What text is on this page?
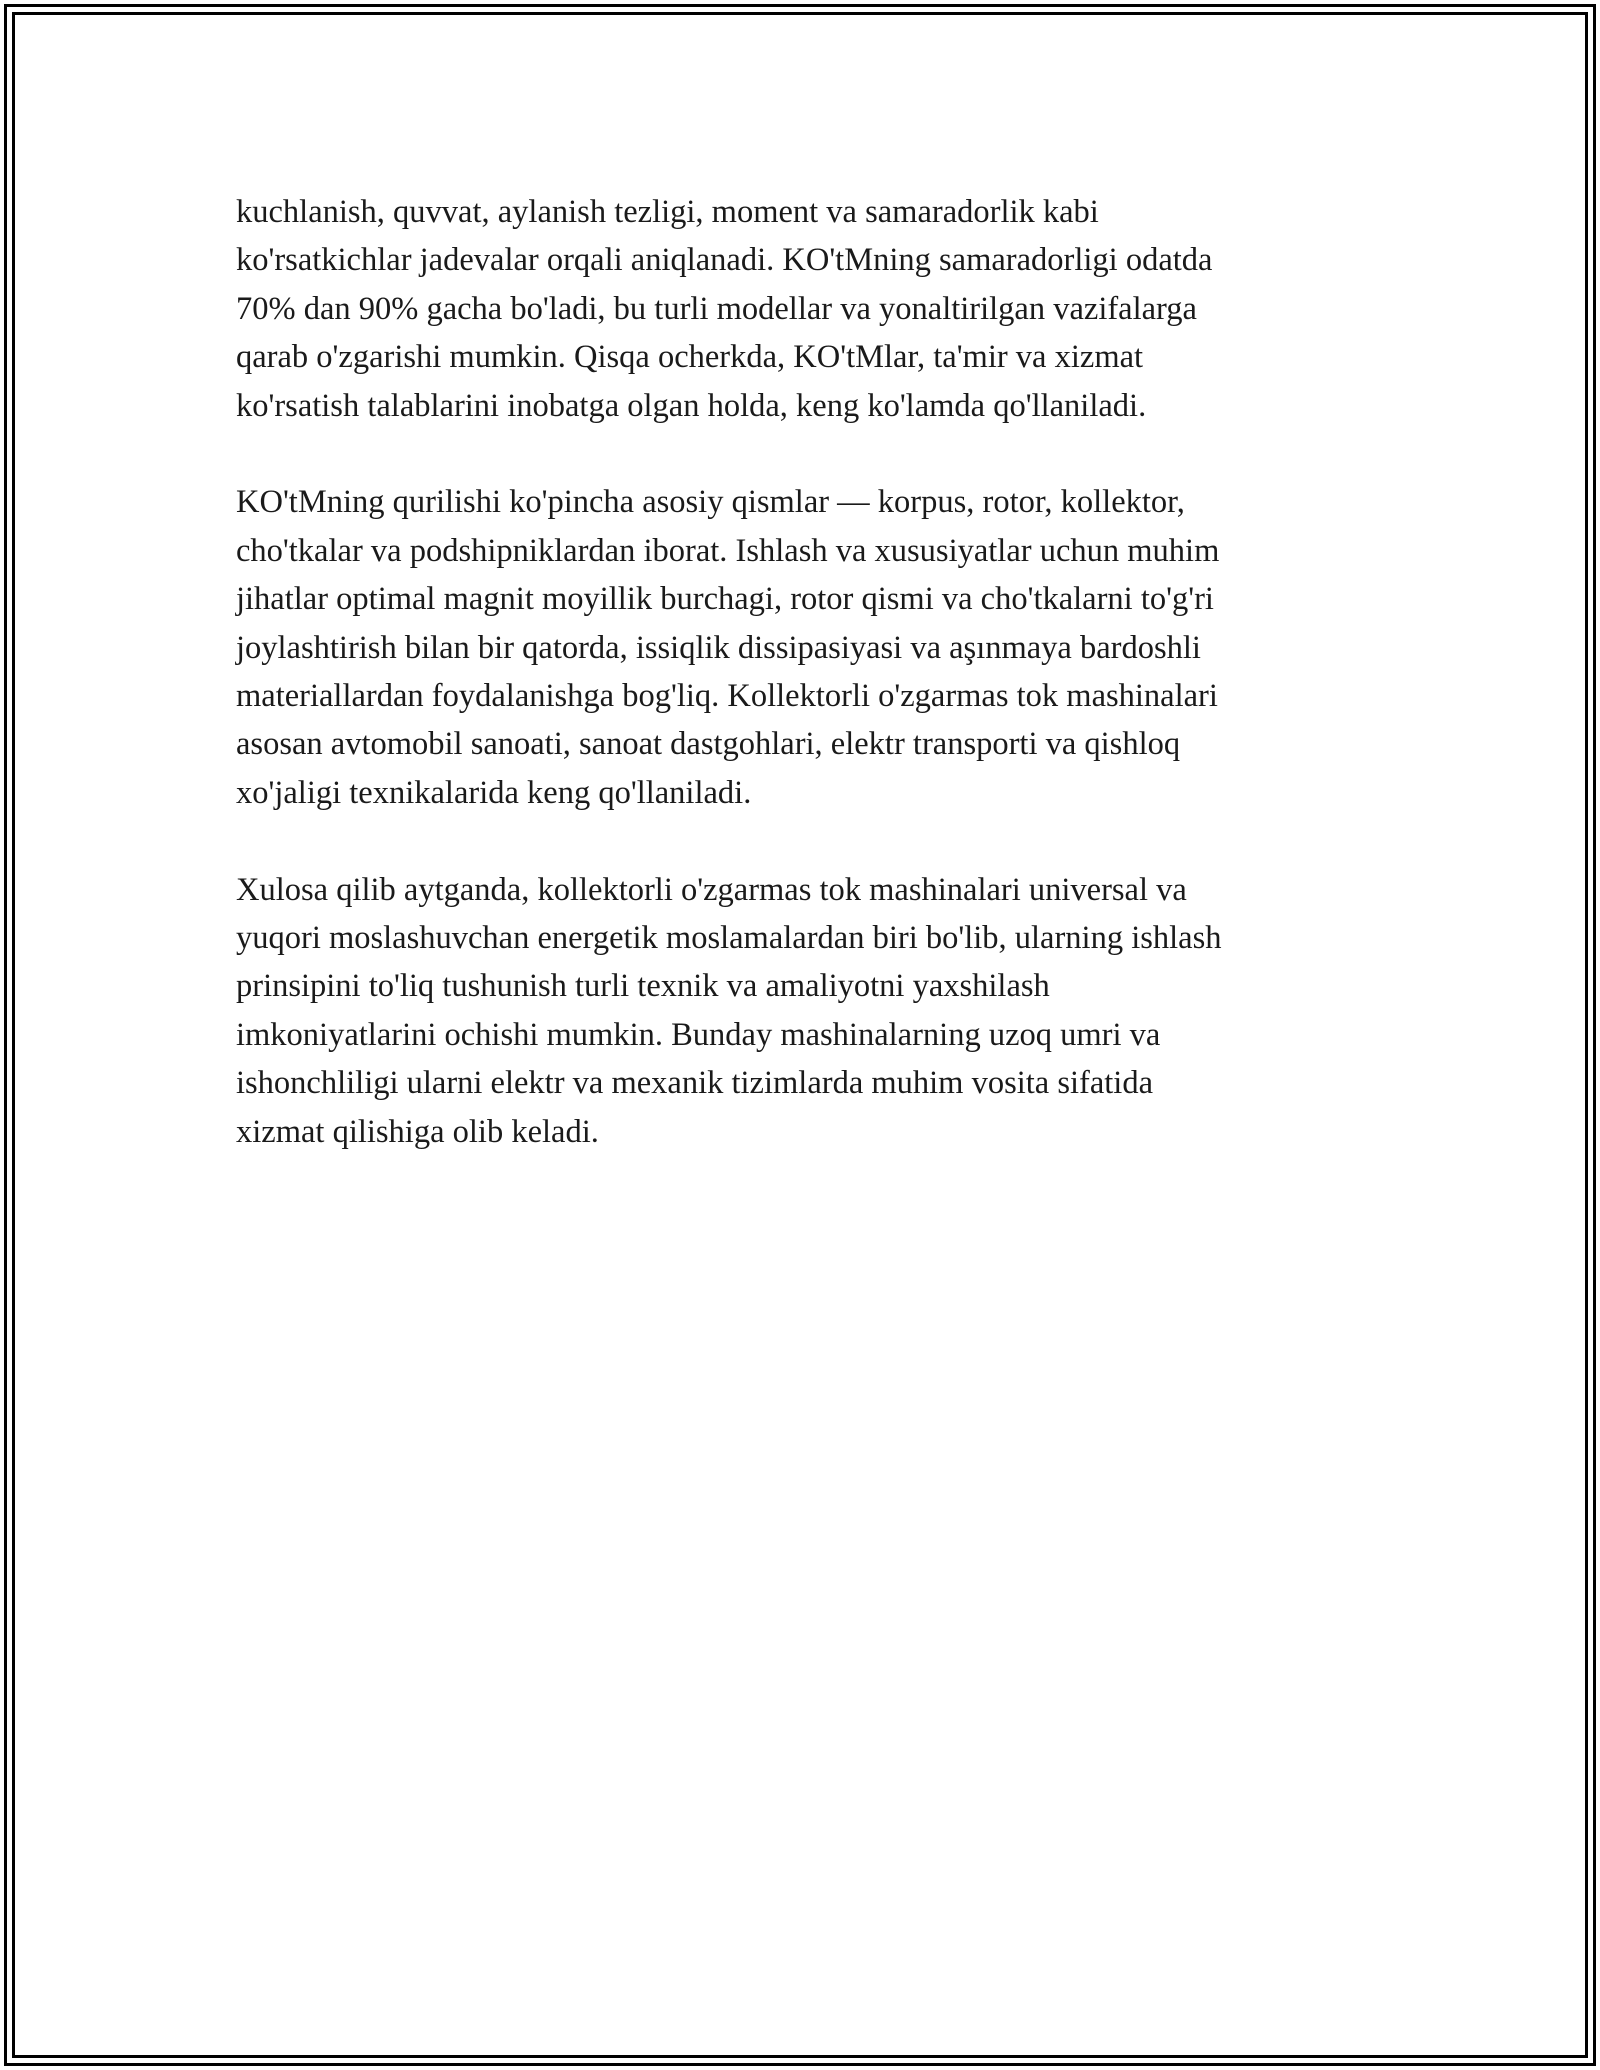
kuchlanish, quvvat, aylanish tezligi, moment va samaradorlik kabi
ko'rsatkichlar jadevalar orqali aniqlanadi. KO'tMning samaradorligi odatda
70% dan 90% gacha bo'ladi, bu turli modellar va yonaltirilgan vazifalarga
qarab o'zgarishi mumkin. Qisqa ocherkda, KO'tMlar, ta'mir va xizmat
ko'rsatish talablarini inobatga olgan holda, keng ko'lamda qo'llaniladi.
KO'tMning qurilishi ko'pincha asosiy qismlar — korpus, rotor, kollektor,
cho'tkalar va podshipniklardan iborat. Ishlash va xususiyatlar uchun muhim
jihatlar optimal magnit moyillik burchagi, rotor qismi va cho'tkalarni to'g'ri
joylashtirish bilan bir qatorda, issiqlik dissipasiyasi va aşınmaya bardoshli
materiallardan foydalanishga bog'liq. Kollektorli o'zgarmas tok mashinalari
asosan avtomobil sanoati, sanoat dastgohlari, elektr transporti va qishloq
xo'jaligi texnikalarida keng qo'llaniladi.
Xulosa qilib aytganda, kollektorli o'zgarmas tok mashinalari universal va
yuqori moslashuvchan energetik moslamalardan biri bo'lib, ularning ishlash
prinsipini to'liq tushunish turli texnik va amaliyotni yaxshilash
imkoniyatlarini ochishi mumkin. Bunday mashinalarning uzoq umri va
ishonchliligi ularni elektr va mexanik tizimlarda muhim vosita sifatida
xizmat qilishiga olib keladi.
